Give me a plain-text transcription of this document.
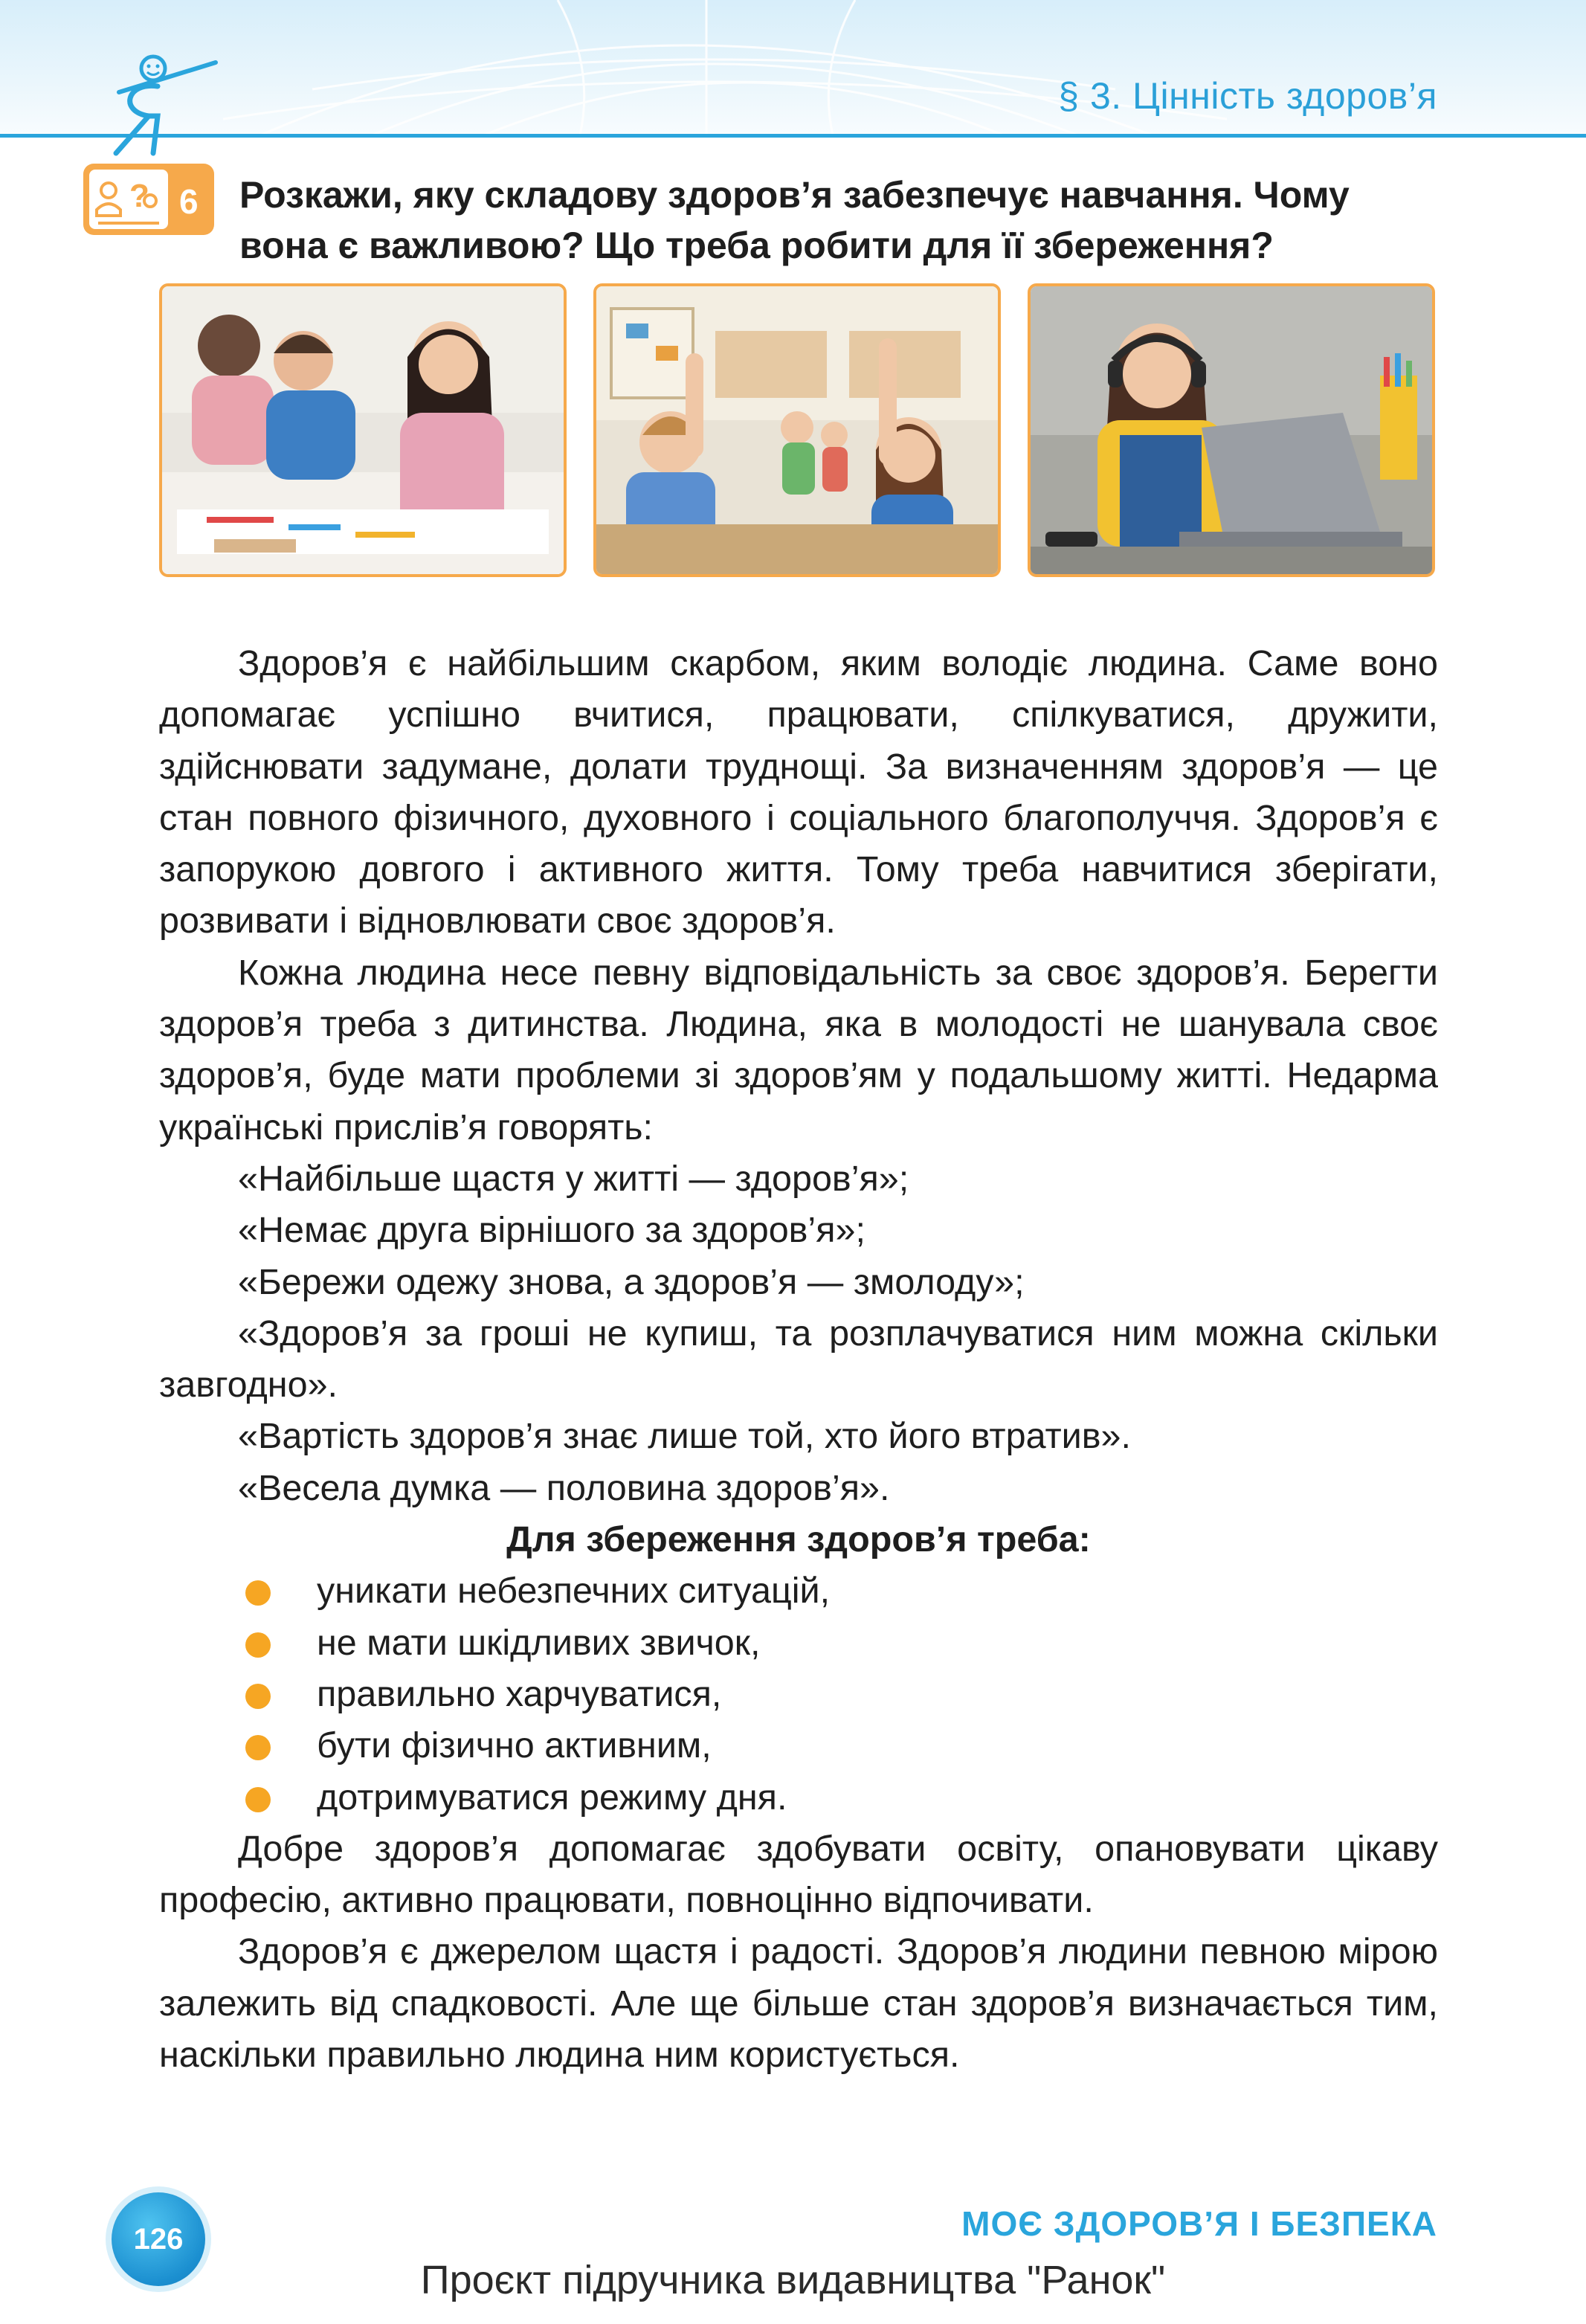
§ 3. Цінність здоров’я
? 6 Розкажи, яку складову здоров’я забезпечує навчання. Чому вона є важливою? Що треба робити для її збереження?

Здоров’я є найбільшим скарбом, яким володіє людина. Саме воно допомагає успішно вчитися, працювати, спілкуватися, дружити, здійснювати задумане, долати труднощі. За визначенням здоров’я — це стан повного фізичного, духовного і соціального благополуччя. Здоров’я є запорукою довгого і активного життя. Тому треба навчитися зберігати, розвивати і відновлювати своє здоров’я.

Кожна людина несе певну відповідальність за своє здоров’я. Берегти здоров’я треба з дитинства. Людина, яка в молодості не шанувала своє здоров’я, буде мати проблеми зі здоров’ям у подальшому житті. Недарма українські прислів’я говорять:

«Найбільше щастя у житті — здоров’я»;

«Немає друга вірнішого за здоров’я»;

«Бережи одежу знова, а здоров’я — змолоду»;

«Здоров’я за гроші не купиш, та розплачуватися ним можна скільки завгодно».

«Вартість здоров’я знає лише той, хто його втратив».

«Весела думка — половина здоров’я».

Для збереження здоров’я треба:

уникати небезпечних ситуацій,
не мати шкідливих звичок,
правильно харчуватися,
бути фізично активним,
дотримуватися режиму дня.

Добре здоров’я допомагає здобувати освіту, опановувати цікаву професію, активно працювати, повноцінно відпочивати.

Здоров’я є джерелом щастя і радості. Здоров’я людини певною мірою залежить від спадковості. Але ще більше стан здоров’я визначається тим, наскільки правильно людина ним користується.

126	МОЄ ЗДОРОВ’Я І БЕЗПЕКА
Проєкт підручника видавництва "Ранок"
